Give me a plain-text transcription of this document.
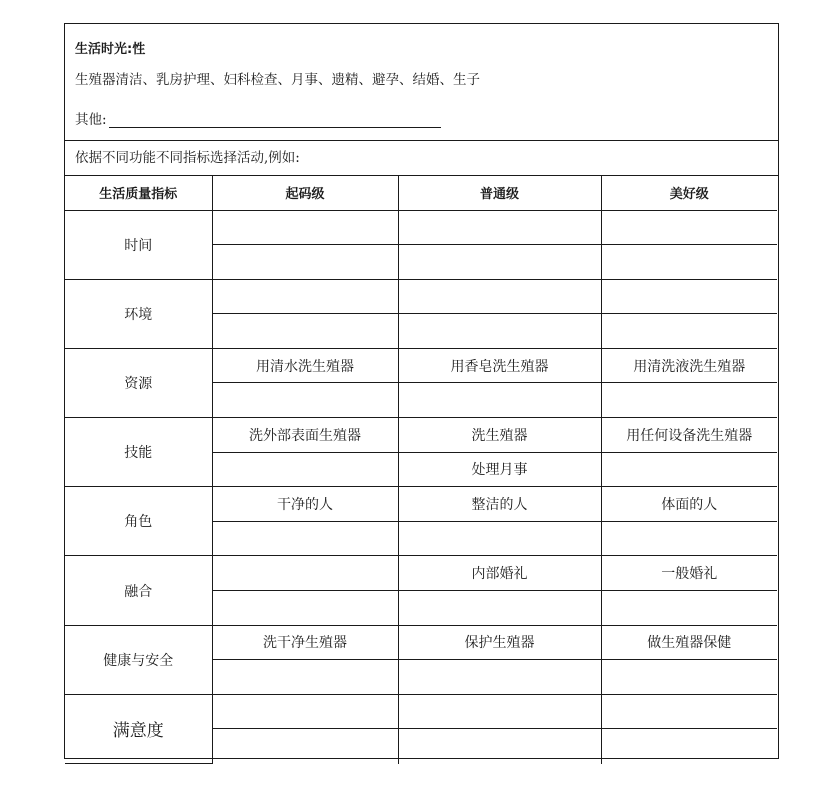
生活时光:性
生殖器清洁、乳房护理、妇科检查、月事、遗精、避孕、结婚、生子
其他:
依据不同功能不同指标选择活动,例如:
生活质量指标	起码级	普通级	美好级
时间			

环境			

资源	用清水洗生殖器	用香皂洗生殖器	用清洗液洗生殖器

技能	洗外部表面生殖器	洗生殖器	用任何设备洗生殖器
		处理月事	
角色	干净的人	整洁的人	体面的人

融合		内部婚礼	一般婚礼

健康与安全	洗干净生殖器	保护生殖器	做生殖器保健

满意度			
